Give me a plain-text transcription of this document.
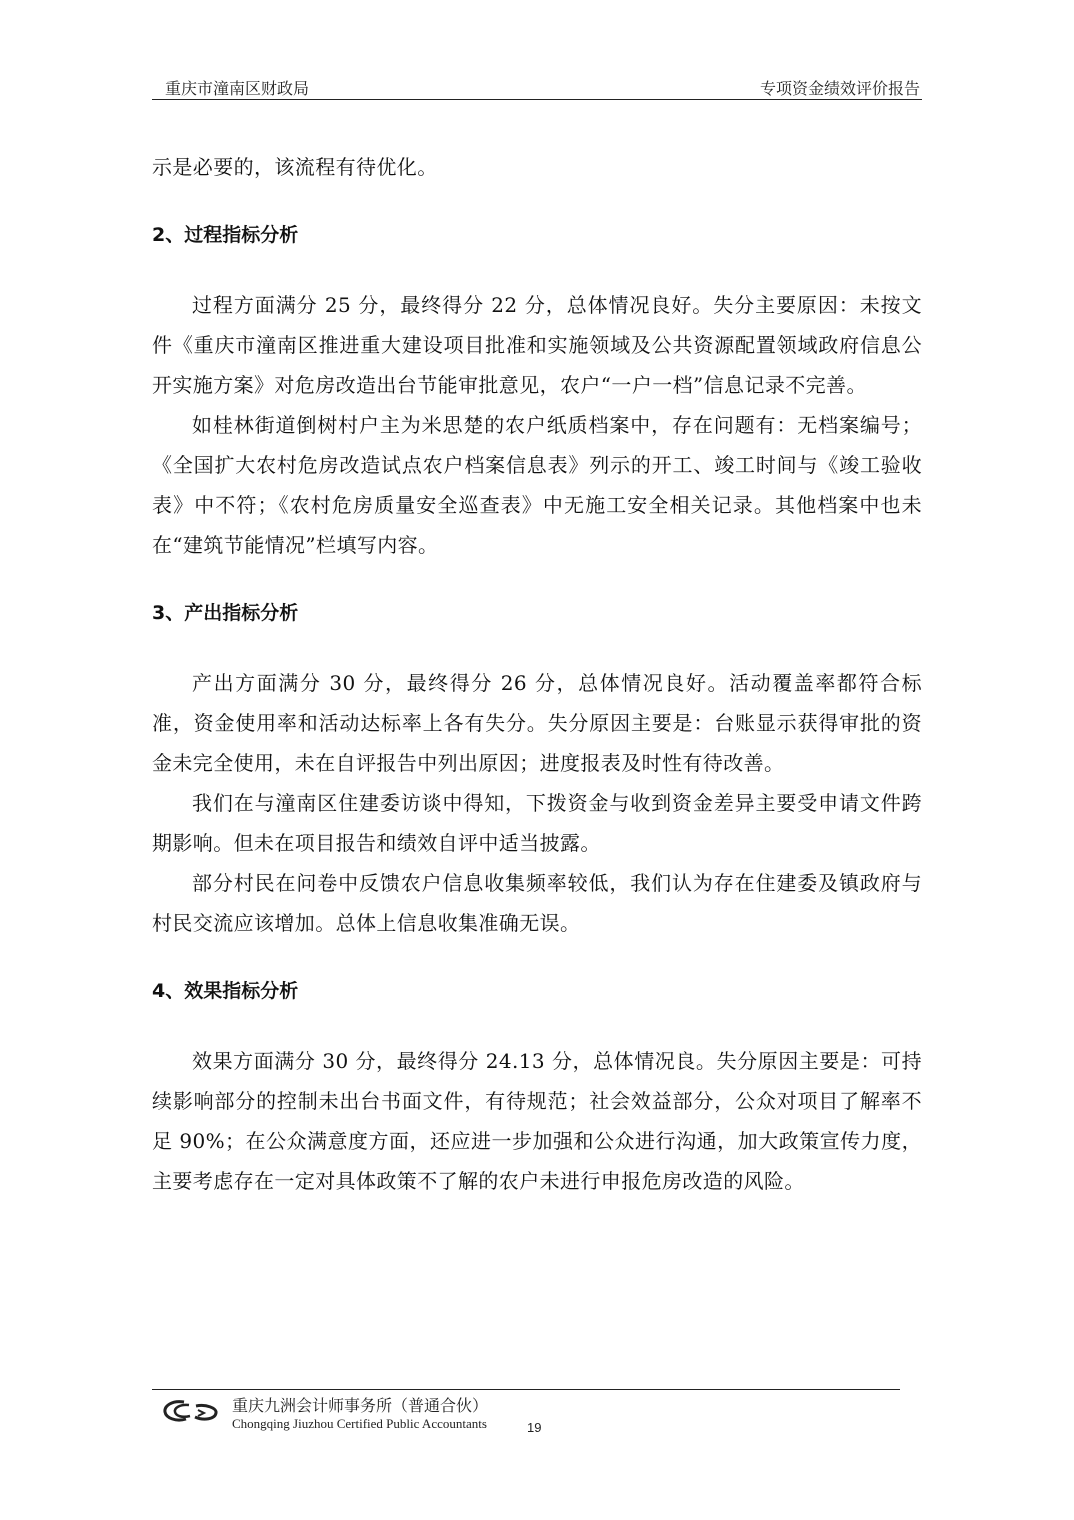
重庆市潼南区财政局	专项资金绩效评价报告

示是必要的，该流程有待优化。

2、过程指标分析

过程方面满分 25 分，最终得分 22 分，总体情况良好。失分主要原因：未按文件《重庆市潼南区推进重大建设项目批准和实施领域及公共资源配置领域政府信息公开实施方案》对危房改造出台节能审批意见，农户“一户一档”信息记录不完善。

如桂林街道倒树村户主为米思楚的农户纸质档案中，存在问题有：无档案编号；《全国扩大农村危房改造试点农户档案信息表》列示的开工、竣工时间与《竣工验收表》中不符；《农村危房质量安全巡查表》中无施工安全相关记录。其他档案中也未在“建筑节能情况”栏填写内容。

3、产出指标分析

产出方面满分 30 分，最终得分 26 分，总体情况良好。活动覆盖率都符合标准，资金使用率和活动达标率上各有失分。失分原因主要是：台账显示获得审批的资金未完全使用，未在自评报告中列出原因；进度报表及时性有待改善。

我们在与潼南区住建委访谈中得知，下拨资金与收到资金差异主要受申请文件跨期影响。但未在项目报告和绩效自评中适当披露。

部分村民在问卷中反馈农户信息收集频率较低，我们认为存在住建委及镇政府与村民交流应该增加。总体上信息收集准确无误。

4、效果指标分析

效果方面满分 30 分，最终得分 24.13 分，总体情况良。失分原因主要是：可持续影响部分的控制未出台书面文件，有待规范；社会效益部分，公众对项目了解率不足 90%；在公众满意度方面，还应进一步加强和公众进行沟通，加大政策宣传力度，主要考虑存在一定对具体政策不了解的农户未进行申报危房改造的风险。

重庆九洲会计师事务所（普通合伙）
Chongqing Jiuzhou Certified Public Accountants	19
